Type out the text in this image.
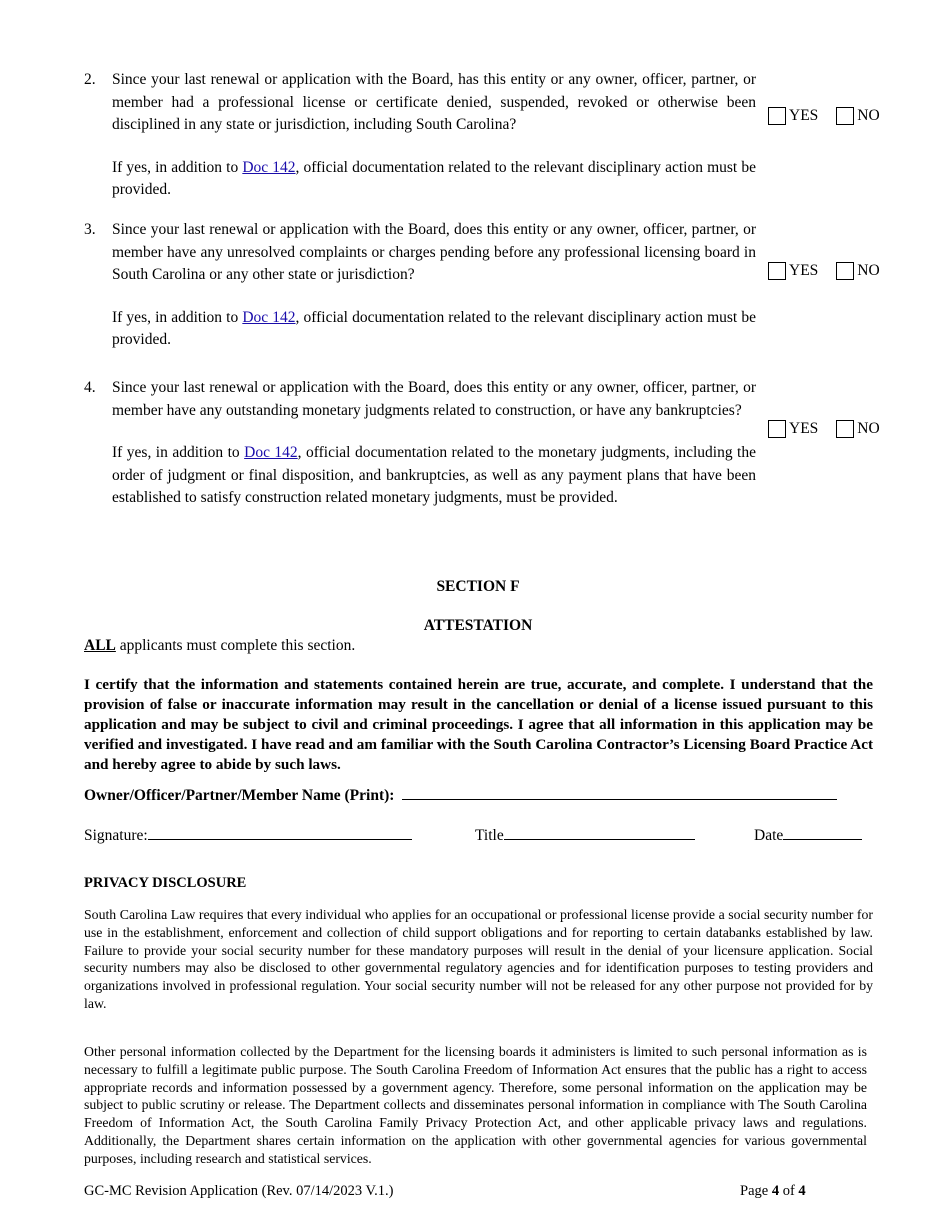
2. Since your last renewal or application with the Board, has this entity or any owner, officer, partner, or member had a professional license or certificate denied, suspended, revoked or otherwise been disciplined in any state or jurisdiction, including South Carolina?
If yes, in addition to Doc 142, official documentation related to the relevant disciplinary action must be provided.
YES	NO
3. Since your last renewal or application with the Board, does this entity or any owner, officer, partner, or member have any unresolved complaints or charges pending before any professional licensing board in South Carolina or any other state or jurisdiction?
If yes, in addition to Doc 142, official documentation related to the relevant disciplinary action must be provided.
YES	NO
4. Since your last renewal or application with the Board, does this entity or any owner, officer, partner, or member have any outstanding monetary judgments related to construction, or have any bankruptcies?
If yes, in addition to Doc 142, official documentation related to the monetary judgments, including the order of judgment or final disposition, and bankruptcies, as well as any payment plans that have been established to satisfy construction related monetary judgments, must be provided.
YES	NO
SECTION F
ATTESTATION
ALL applicants must complete this section.
I certify that the information and statements contained herein are true, accurate, and complete. I understand that the provision of false or inaccurate information may result in the cancellation or denial of a license issued pursuant to this application and may be subject to civil and criminal proceedings. I agree that all information in this application may be verified and investigated. I have read and am familiar with the South Carolina Contractor’s Licensing Board Practice Act and hereby agree to abide by such laws.
Owner/Officer/Partner/Member Name (Print):
Signature:	Title	Date
PRIVACY DISCLOSURE
South Carolina Law requires that every individual who applies for an occupational or professional license provide a social security number for use in the establishment, enforcement and collection of child support obligations and for reporting to certain databanks established by law. Failure to provide your social security number for these mandatory purposes will result in the denial of your licensure application. Social security numbers may also be disclosed to other governmental regulatory agencies and for identification purposes to testing providers and organizations involved in professional regulation. Your social security number will not be released for any other purpose not provided for by law.
Other personal information collected by the Department for the licensing boards it administers is limited to such personal information as is necessary to fulfill a legitimate public purpose. The South Carolina Freedom of Information Act ensures that the public has a right to access appropriate records and information possessed by a government agency. Therefore, some personal information on the application may be subject to public scrutiny or release. The Department collects and disseminates personal information in compliance with The South Carolina Freedom of Information Act, the South Carolina Family Privacy Protection Act, and other applicable privacy laws and regulations. Additionally, the Department shares certain information on the application with other governmental agencies for various governmental purposes, including research and statistical services.
GC-MC Revision Application (Rev. 07/14/2023 V.1.)	Page 4 of 4
